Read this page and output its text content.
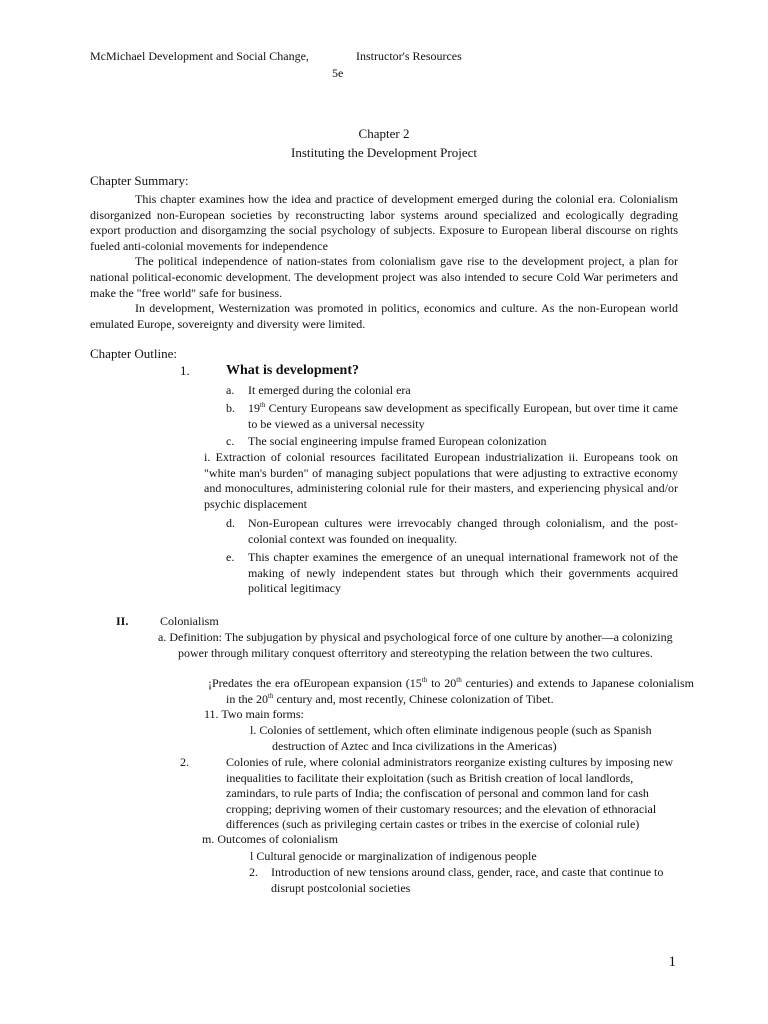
McMichael Development and Social Change,	Instructor's Resources
5e
Chapter 2
Instituting the Development Project
Chapter Summary:

This chapter examines how the idea and practice of development emerged during the colonial era. Colonialism disorganized non-European societies by reconstructing labor systems around specialized and ecologically degrading export production and disorgamzing the social psychology of subjects. Exposure to European liberal discourse on rights fueled anti-colonial movements for independence

The political independence of nation-states from colonialism gave rise to the development project, a plan for national political-economic development. The development project was also intended to secure Cold War perimeters and make the "free world" safe for business.

In development, Westernization was promoted in politics, economics and culture. As the non-European world emulated Europe, sovereignty and diversity were limited.

Chapter Outline:
1.	What is development?
a. It emerged during the colonial era
b. 19th Century Europeans saw development as specifically European, but over time it came to be viewed as a universal necessity
c. The social engineering impulse framed European colonization
i. Extraction of colonial resources facilitated European industrialization ii. Europeans took on "white man's burden" of managing subject populations that were adjusting to extractive economy and monocultures, administering colonial rule for their masters, and experiencing physical and/or psychic displacement
d. Non-European cultures were irrevocably changed through colonialism, and the post-colonial context was founded on inequality.
e. This chapter examines the emergence of an unequal international framework not of the making of newly independent states but through which their governments acquired political legitimacy
II.	Colonialism
a. Definition: The subjugation by physical and psychological force of one culture by another—a colonizing power through military conquest ofterritory and stereotyping the relation between the two cultures.
¡Predates the era ofEuropean expansion (15th to 20th centuries) and extends to Japanese colonialism in the 20th century and, most recently, Chinese colonization of Tibet.
11. Two main forms:
l. Colonies of settlement, which often eliminate indigenous people (such as Spanish destruction of Aztec and Inca civilizations in the Americas)
2.	Colonies of rule, where colonial administrators reorganize existing cultures by imposing new inequalities to facilitate their exploitation (such as British creation of local landlords, zamindars, to rule parts of India; the confiscation of personal and common land for cash cropping; depriving women of their customary resources; and the elevation of ethnoracial differences (such as privileging certain castes or tribes in the exercise of colonial rule)
m. Outcomes of colonialism
l Cultural genocide or marginalization of indigenous people
2. Introduction of new tensions around class, gender, race, and caste that continue to disrupt postcolonial societies
1
